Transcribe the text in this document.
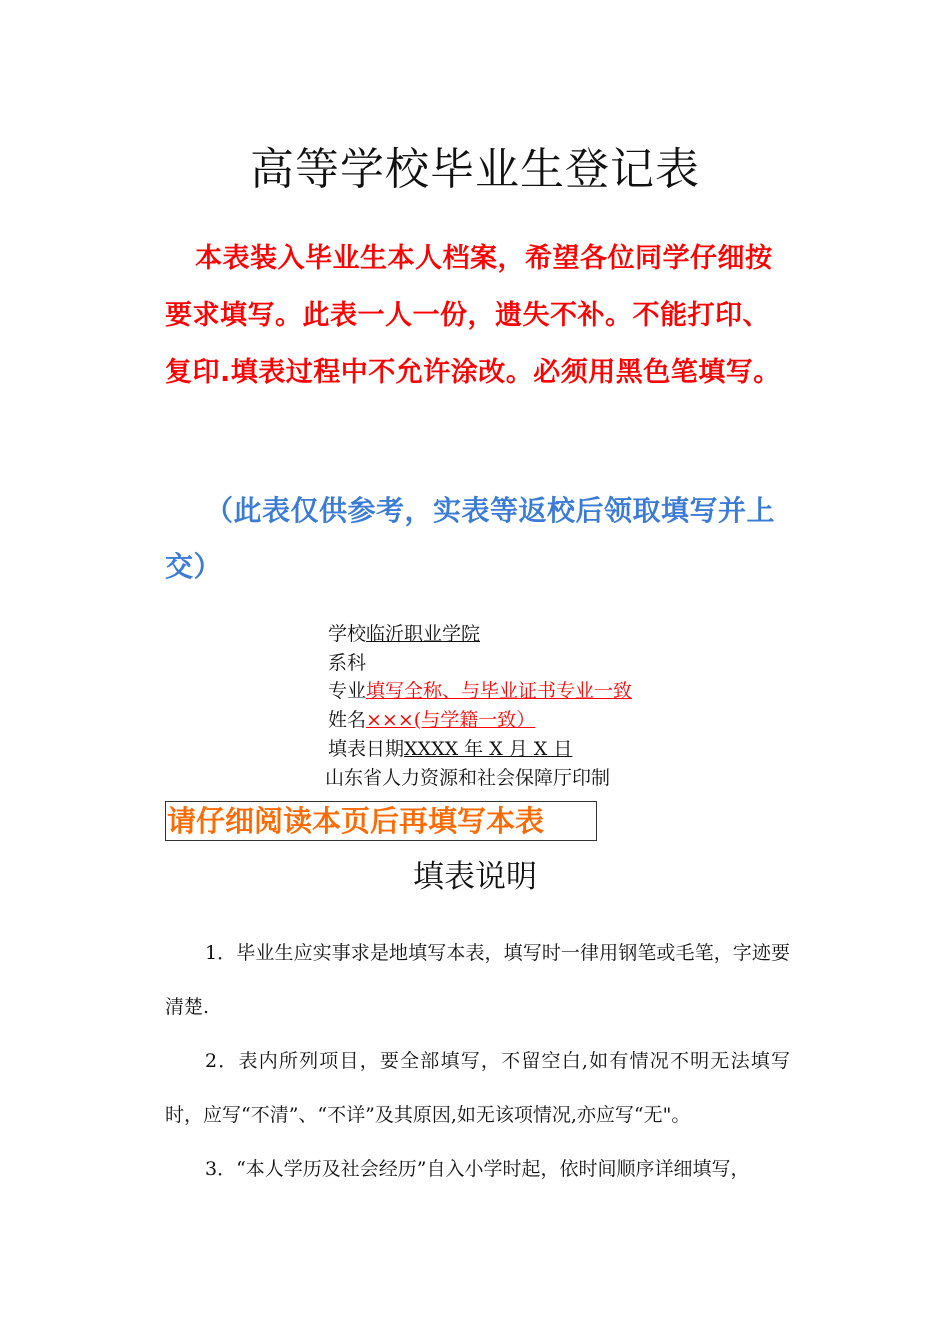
高等学校毕业生登记表
本表装入毕业生本人档案，希望各位同学仔细按要求填写。此表一人一份，遗失不补。不能打印、复印.填表过程中不允许涂改。必须用黑色笔填写。
（此表仅供参考，实表等返校后领取填写并上交）
学校临沂职业学院
系科
专业填写全称、与毕业证书专业一致
姓名×××(与学籍一致）
填表日期XXXX 年 X 月 X 日
山东省人力资源和社会保障厅印制
请仔细阅读本页后再填写本表
填表说明
1．毕业生应实事求是地填写本表，填写时一律用钢笔或毛笔，字迹要清楚.
2．表内所列项目，要全部填写，不留空白,如有情况不明无法填写时，应写“不清”、“不详”及其原因,如无该项情况,亦应写“无"。
3．“本人学历及社会经历”自入小学时起，依时间顺序详细填写，
